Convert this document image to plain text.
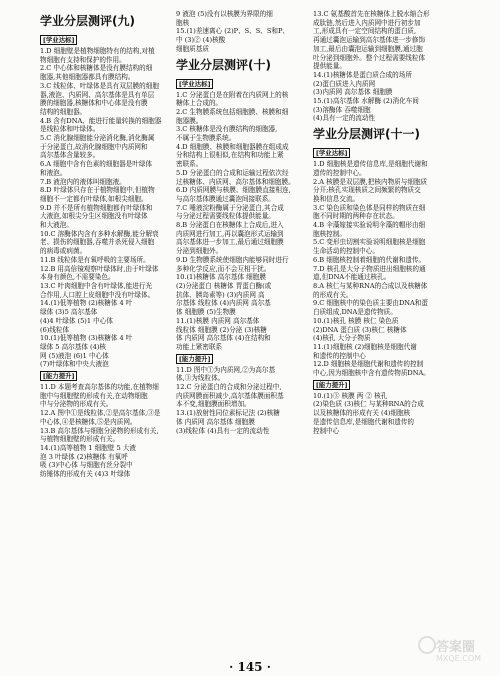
学业分层测评(九)
[学业达标]
1.D 细胞壁是植物细胞特有的结构,对植
物细胞有支持和保护的作用。
2.C 中心体和核糖体是没有膜结构的细
胞器,其他细胞器都具有膜结构。
3.C 线粒体、叶绿体是具有双层膜的细胞
器,液泡、内质网、高尔基体是具有单层
膜的细胞器,核糖体和中心体是没有膜
结构的细胞器。
4.B 含有DNA、能进行能量转换的细胞器
是线粒体和叶绿体。
5.C 消化腺细胞能分泌消化酶,消化酶属
于分泌蛋白,故消化腺细胞中内质网和
高尔基体含量较多。
6.A 细胞中含有色素的细胞器是叶绿体
和液泡。
7.B 液泡内的液体叫细胞液。
8.D 叶绿体只存在于植物细胞中,但植物
细胞不一定都有叶绿体,如根尖细胞。
9.D 并不是所有植物细胞都有叶绿体和
大液泡,如根尖分生区细胞没有叶绿体
和大液泡。
10.C 溶酶体内含有多种水解酶,能分解衰
老、损伤的细胞器,吞噬并杀死侵入细胞
的病毒或病菌。
11.B 线粒体是有氧呼吸的主要场所。
12.B 用高倍镜观察叶绿体时,由于叶绿体
本身有颜色,不需要染色。
13.C 叶肉细胞中含有叶绿体,能进行光
合作用,人口腔上皮细胞中没有叶绿体。
14.(1)低等植物 (2)核糖体 4 叶
绿体 (3)5 高尔基体
(4)4 叶绿体 (5)1 中心体
(6)线粒体
10.(1)低等植物 (3)核糖体 4 叶
绿体 5 高尔基体 (4)核
网 (5)液泡 (6)1 中心体
(7)叶绿体和中央大液泡
[能力提升]
11.D 本题考查高尔基体的功能,在植物细
胞中与细胞壁的形成有关,在动物细胞
中与分泌物的形成有关。
12.A 图中①是线粒体,②是高尔基体,③是
中心体,④是核糖体,⑤是内质网。
13.B 高尔基体与细胞分泌物的形成有关,
与植物细胞壁的形成有关。
14.(1)高等植物 1 细胞壁 5 大液
泡 3 叶绿体 (2)核糖体 有氧呼
吸 (3)中心体 与细胞有丝分裂中
纺锤体的形成有关 (4)3 叶绿体
9 液泡 (5)没有以核膜为界限的细
胞核
15.(1)差速离心 (2)P、S、S、S和P、
中 (3)② (4)核酸
细胞质基质
学业分层测评(十)
[学业达标]
1.C 分泌蛋白是在附着在内质网上的核
糖体上合成的。
2.C 生物膜系统包括细胞膜、核膜和细
胞器膜。
3.C 核糖体是没有膜结构的细胞器,
不属于生物膜系统。
4.D 细胞膜、核膜和细胞器膜在组成成
分和结构上很相似,在结构和功能上紧
密联系。
5.D 分泌蛋白的合成和运输过程依次经
过核糖体、内质网、高尔基体和细胞膜。
6.D 内质网膜与核膜、细胞膜直接相连,
与高尔基体膜通过囊泡间接联系。
7.C 唾液淀粉酶属于分泌蛋白,其合成
与分泌过程需要线粒体提供能量。
8.B 分泌蛋白在核糖体上合成后,进入
内质网进行加工,再以囊泡形式运输到
高尔基体进一步加工,最后通过细胞膜
分泌到细胞外。
9.D 生物膜系统使细胞内能够同时进行
多种化学反应,而不会互相干扰。
10.(1)核糖体 高尔基体 细胞膜
(2)分泌蛋白 核糖体 胃蛋白酶(或
抗体、胰岛素等) (3)内质网 高
尔基体 线粒体 (4)内质网 高尔基
体 细胞膜 (5)生物膜
11.(1)核膜 内质网 高尔基体
线粒体 细胞膜 (2)分泌 (3)核糖
体 内质网 高尔基体 (4)在结构和
功能上紧密联系
[能力提升]
11.D 图中①为内质网,②为高尔基
体,③为线粒体。
12.C 分泌蛋白的合成和分泌过程中,
内质网膜面积减少,高尔基体膜面积基
本不变,细胞膜面积增加。
13.(1)放射性同位素标记法 (2)核糖
体 内质网 高尔基体 细胞膜
(3)线粒体 (4)具有一定的流动性
13.C 氨基酸首先在核糖体上脱水缩合形
成肽链,然后进入内质网中进行初步加
工,形成具有一定空间结构的蛋白质,
再通过囊泡运输到高尔基体进一步修饰
加工,最后由囊泡运输到细胞膜,通过胞
吐分泌到细胞外。整个过程需要线粒体
提供能量。
14.(1)核糖体是蛋白质合成的场所
(2)蛋白质进入内质网
(3)内质网 高尔基体 细胞膜
15.(1)高尔基体 水解酶 (2)消化车间
(3)溶酶体 吞噬细胞
(4)具有一定的流动性
学业分层测评(十一)
[学业达标]
1.D 细胞核是遗传信息库,是细胞代谢和
遗传的控制中心。
2.A 核膜是双层膜,把核内物质与细胞质
分开;核孔实现核质之间频繁的物质交
换和信息交流。
3.C 染色质和染色体是同样的物质在细
胞不同时期的两种存在状态。
4.B 伞藻嫁接实验说明伞藻的帽形由细
胞核控制。
5.C 变形虫切割实验说明细胞核是细胞
生命活动的控制中心。
6.B 细胞核控制着细胞的代谢和遗传。
7.D 核孔是大分子物质进出细胞核的通
道,但DNA不能通过核孔。
8.A 核仁与某种RNA的合成以及核糖体
的形成有关。
9.C 细胞核中的染色质主要由DNA和蛋
白质组成,DNA是遗传物质。
10.(1)核孔 核膜 核仁 染色质
(2)DNA 蛋白质 (3)核仁 核糖体
(4)核孔 大分子物质
11.(1)细胞核 (2)细胞核是细胞代谢
和遗传的控制中心
12.D 细胞核是细胞代谢和遗传的控制
中心,因为细胞核中含有遗传物质DNA。
[能力提升]
10.(1)③ 核膜 两 ② 核孔
(2)染色质 (3)核仁 与某种RNA的合成
以及核糖体的形成有关 (4)细胞核
是遗传信息库,是细胞代谢和遗传的
控制中心
· 145 ·
答案圈
MXQE.COM
